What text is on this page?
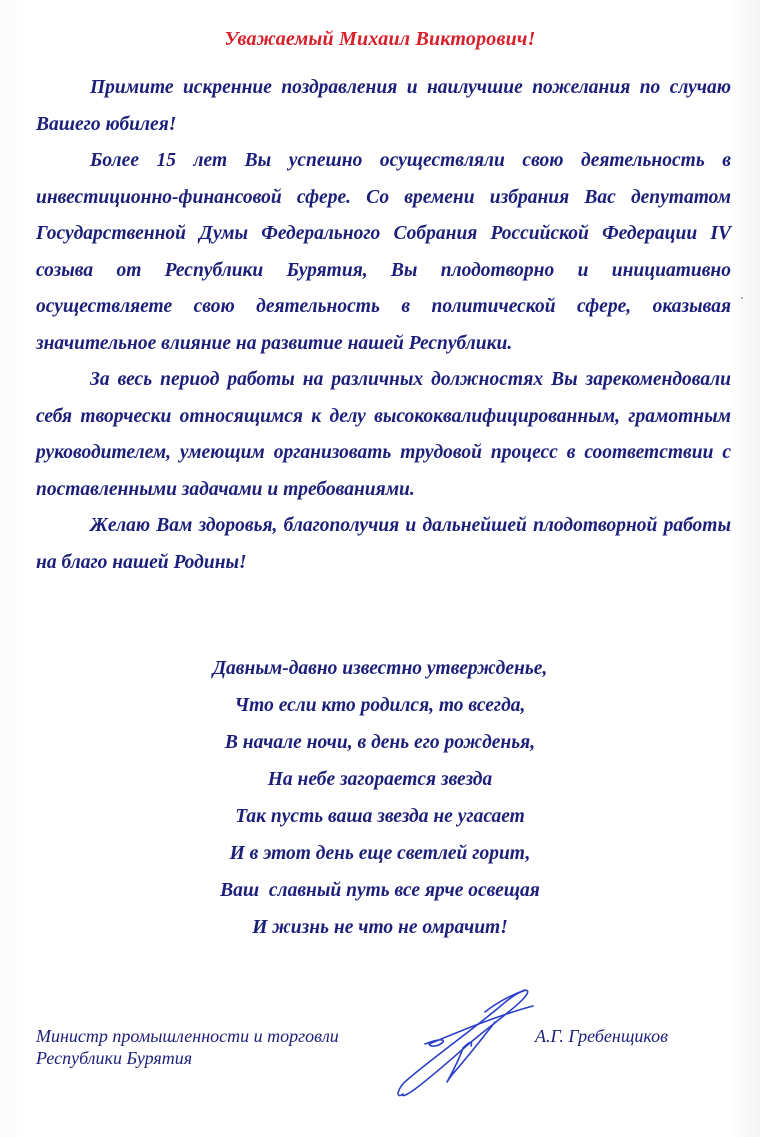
Уважаемый Михаил Викторович!

Примите искренние поздравления и наилучшие пожелания по случаю Вашего юбилея!

Более 15 лет Вы успешно осуществляли свою деятельность в инвестиционно-финансовой сфере. Со времени избрания Вас депутатом Государственной Думы Федерального Собрания Российской Федерации IV созыва от Республики Бурятия, Вы плодотворно и инициативно осуществляете свою деятельность в политической сфере, оказывая значительное влияние на развитие нашей Республики.

За весь период работы на различных должностях Вы зарекомендовали себя творчески относящимся к делу высококвалифицированным, грамотным руководителем, умеющим организовать трудовой процесс в соответствии с поставленными задачами и требованиями.

Желаю Вам здоровья, благополучия и дальнейшей плодотворной работы на благо нашей Родины!

Давным-давно известно утвержденье,
Что если кто родился, то всегда,
В начале ночи, в день его рожденья,
На небе загорается звезда
Так пусть ваша звезда не угасает
И в этот день еще светлей горит,
Ваш  славный путь все ярче освещая
И жизнь не что не омрачит!
Министр промышленности и торговли
Республики Бурятия
А.Г. Гребенщиков
